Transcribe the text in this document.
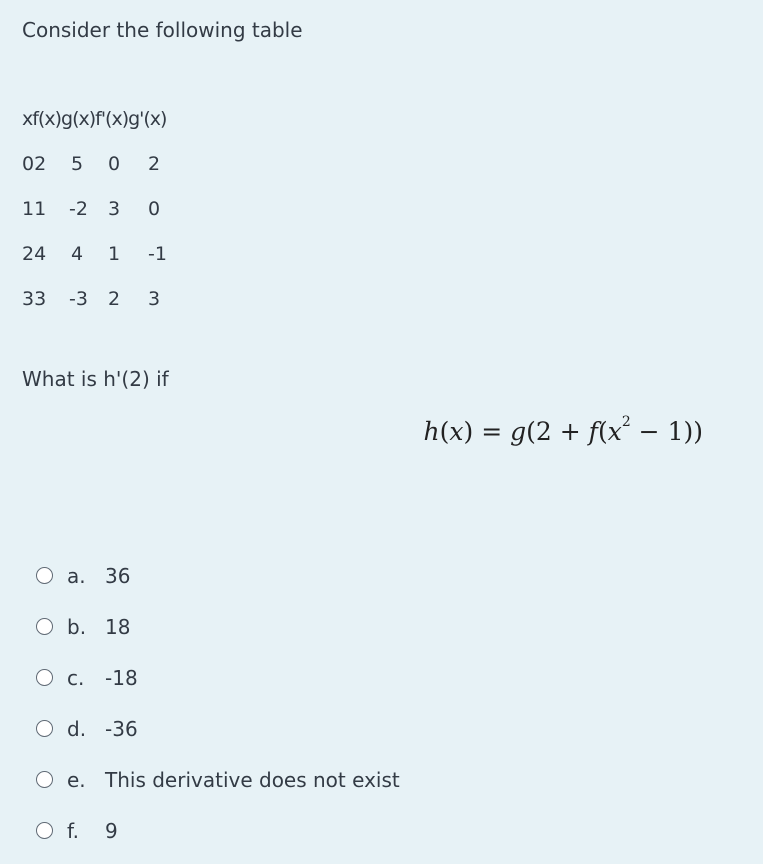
Consider the following table
xf(x)g(x)f'(x)g'(x)
02 5 0 2
11 -2 3 0
24 4 1 -1
33 -3 2 3
What is h'(2) if
$h(x) = g(2 + f(x^2 - 1))$
a. 36
b. 18
c.	-18
d. -36
e. This derivative does not exist
f.	9
